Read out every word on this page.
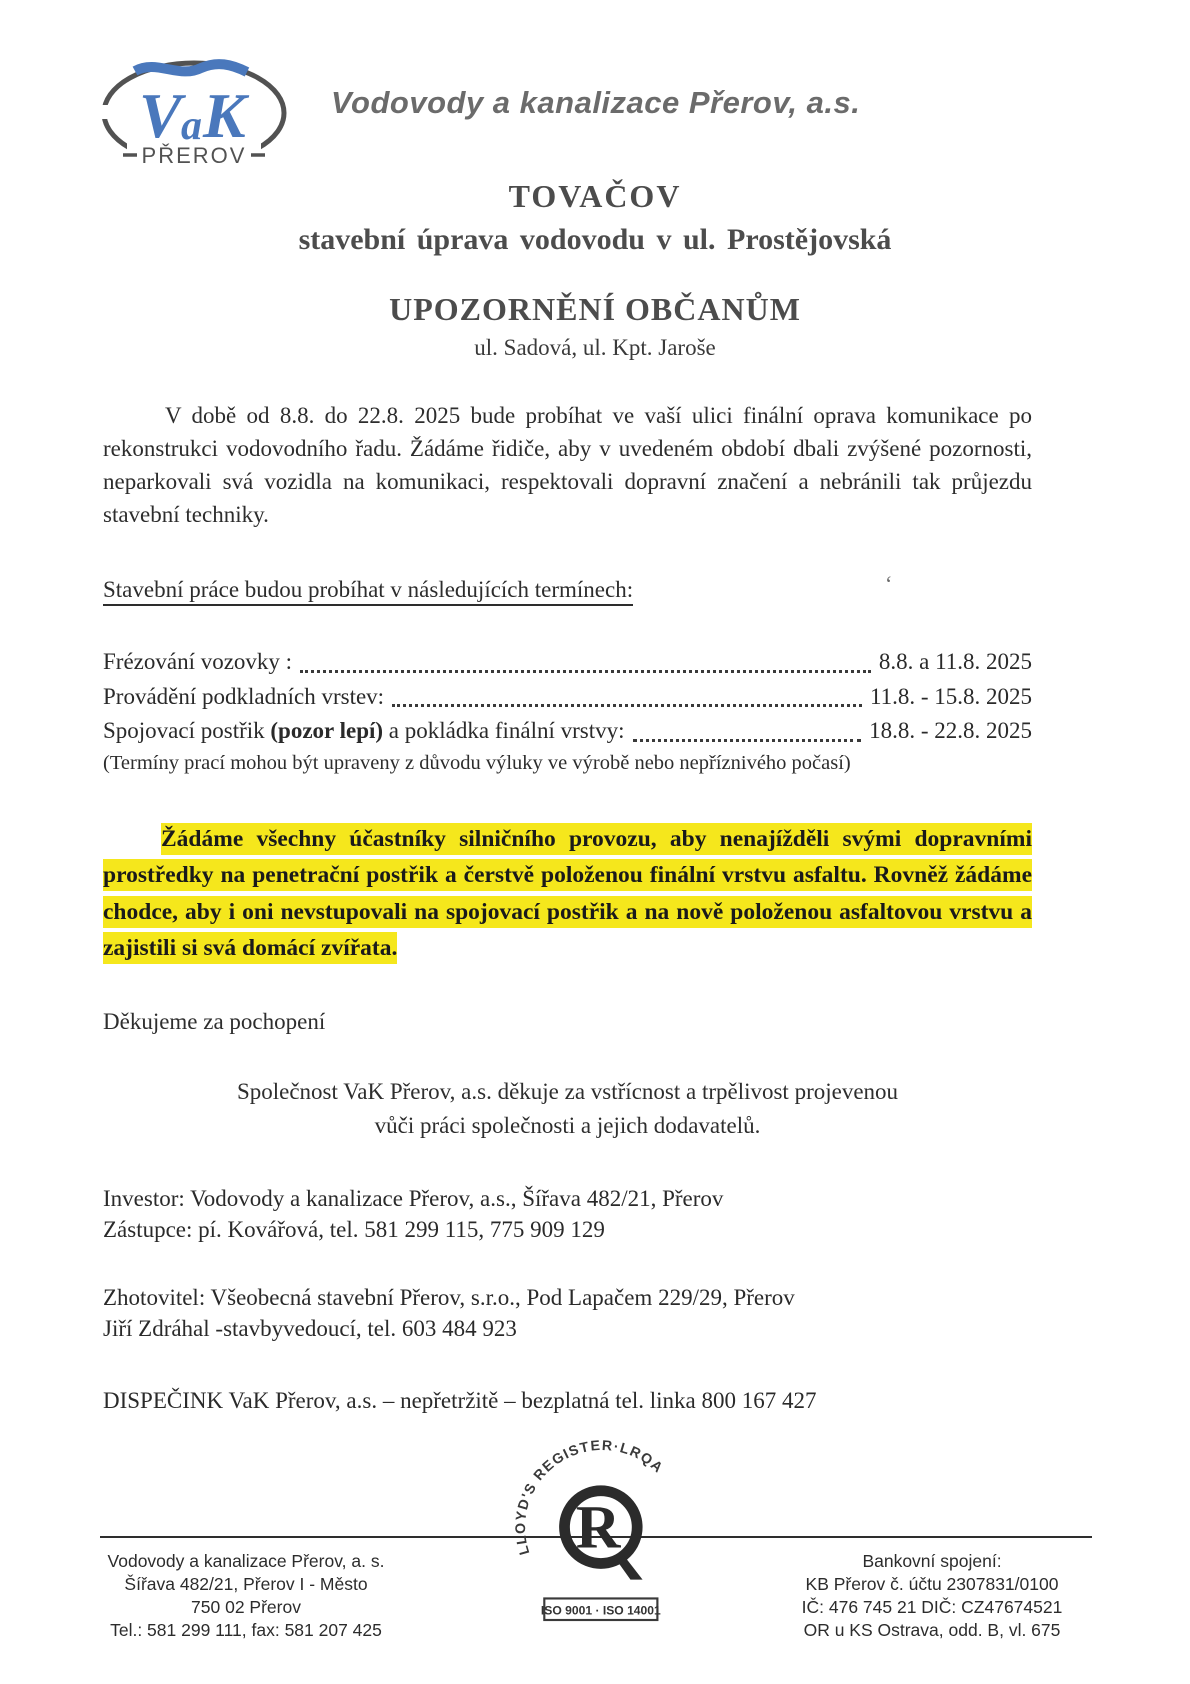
V a K
PŘEROV
Vodovody a kanalizace Přerov, a.s.
TOVAČOV
stavební úprava vodovodu v ul. Prostějovská
UPOZORNĚNÍ OBČANŮM
ul. Sadová, ul. Kpt. Jaroše

V době od 8.8. do 22.8. 2025 bude probíhat ve vaší ulici finální oprava komunikace po rekonstrukci vodovodního řadu. Žádáme řidiče, aby v uvedeném období dbali zvýšené pozornosti, neparkovali svá vozidla na komunikaci, respektovali dopravní značení a nebránili tak průjezdu stavební techniky.

Stavební práce budou probíhat v následujících termínech:	‘
Frézování vozovky :	8.8. a 11.8. 2025
Provádění podkladních vrstev:	11.8. - 15.8. 2025
Spojovací postřik (pozor lepí) a pokládka finální vrstvy:	18.8. - 22.8. 2025
(Termíny prací mohou být upraveny z důvodu výluky ve výrobě nebo nepříznivého počasí)

Žádáme všechny účastníky silničního provozu, aby nenajížděli svými dopravními prostředky na penetrační postřik a čerstvě položenou finální vrstvu asfaltu. Rovněž žádáme chodce, aby i oni nevstupovali na spojovací postřik a na nově položenou asfaltovou vrstvu a zajistili si svá domácí zvířata.

Děkujeme za pochopení
Společnost VaK Přerov, a.s. děkuje za vstřícnost a trpělivost projevenou
vůči práci společnosti a jejich dodavatelů.
Investor: Vodovody a kanalizace Přerov, a.s., Šířava 482/21, Přerov
Zástupce: pí. Kovářová, tel. 581 299 115, 775 909 129
Zhotovitel: Všeobecná stavební Přerov, s.r.o., Pod Lapačem 229/29, Přerov
Jiří Zdráhal -stavbyvedoucí, tel. 603 484 923
DISPEČINK VaK Přerov, a.s. – nepřetržitě – bezplatná tel. linka 800 167 427
Vodovody a kanalizace Přerov, a. s.
Šířava 482/21, Přerov I - Město
750 02 Přerov
Tel.: 581 299 111, fax: 581 207 425
Bankovní spojení:
KB Přerov č. účtu 2307831/0100
IČ: 476 745 21 DIČ: CZ47674521
OR u KS Ostrava, odd. B, vl. 675
LLOYD'S REGISTER·LRQA
R
ISO 9001 · ISO 14001
